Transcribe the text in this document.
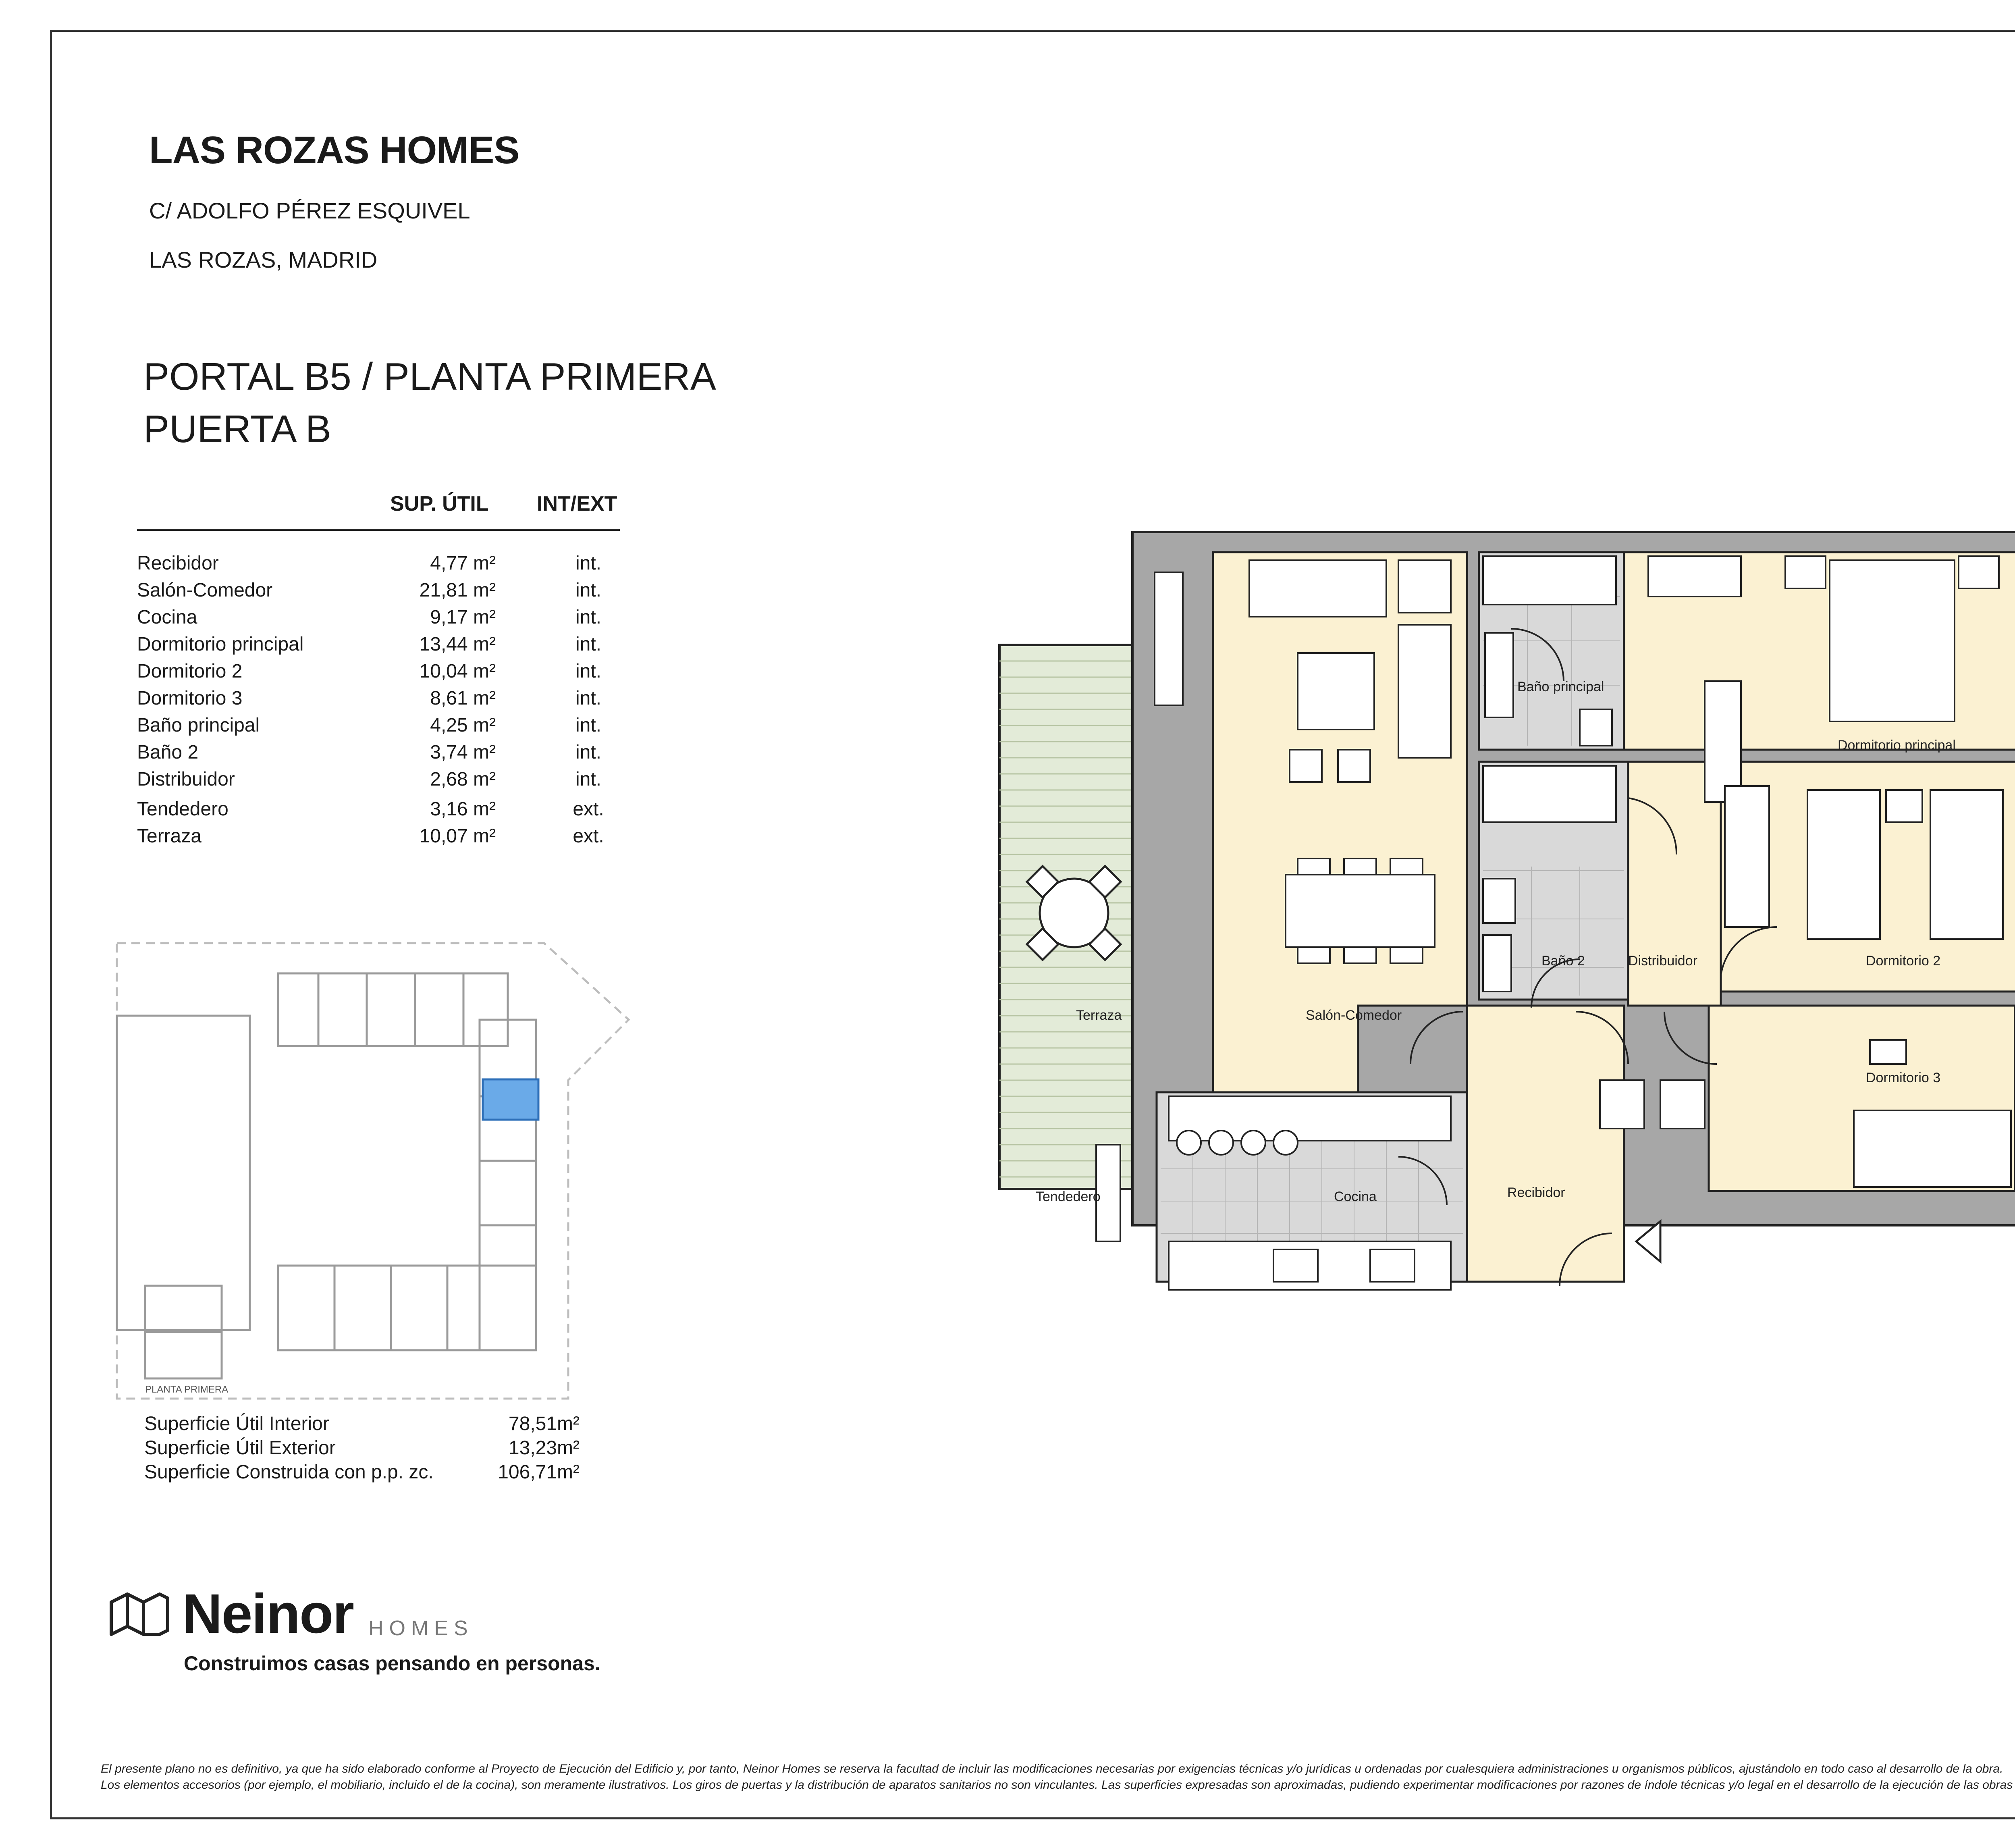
LAS ROZAS HOMES
C/ ADOLFO PÉREZ ESQUIVEL
LAS ROZAS, MADRID
PORTAL B5 / PLANTA PRIMERA
PUERTA B
SUP. ÚTIL INT/EXT
Recibidor	4,77 m²	int.
Salón-Comedor	21,81 m²	int.
Cocina	9,17 m²	int.
Dormitorio principal	13,44 m²	int.
Dormitorio 2	10,04 m²	int.
Dormitorio 3	8,61 m²	int.
Baño principal	4,25 m²	int.
Baño 2	3,74 m²	int.
Distribuidor	2,68 m²	int.
Tendedero	3,16 m²	ext.
Terraza	10,07 m²	ext.
PLANTA PRIMERA
Superficie Útil Interior	78,51m²
Superficie Útil Exterior	13,23m²
Superficie Construida con p.p. zc.	106,71m²
Terraza
Tendedero
Salón-Comedor
Cocina	Recibidor
Baño principal
Baño 2	Distribuidor
Dormitorio principal
Dormitorio 2
Dormitorio 3
Neinor HOMES
Construimos casas pensando en personas.
El presente plano no es definitivo, ya que ha sido elaborado conforme al Proyecto de Ejecución del Edificio y, por tanto, Neinor Homes se reserva la facultad de incluir las modificaciones necesarias por exigencias técnicas y/o jurídicas u ordenadas por cualesquiera administraciones u organismos públicos, ajustándolo en todo caso al desarrollo de la obra.
Los elementos accesorios (por ejemplo, el mobiliario, incluido el de la cocina), son meramente ilustrativos. Los giros de puertas y la distribución de aparatos sanitarios no son vinculantes. Las superficies expresadas son aproximadas, pudiendo experimentar modificaciones por razones de índole técnicas y/o legal en el desarrollo de la ejecución de las obras
